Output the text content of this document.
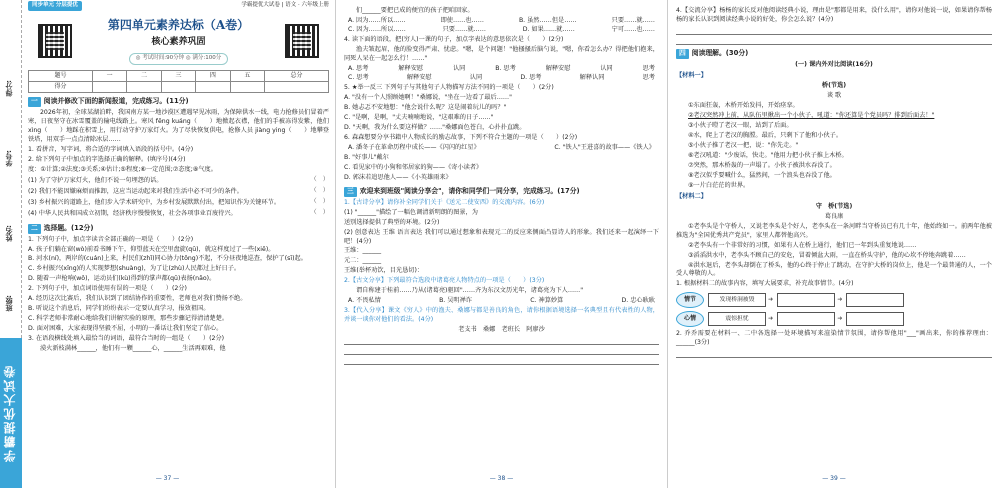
得分:
学号:
姓名:
班级:
学霸提优大试卷
同步单元 分层提优	学霸提优大试卷 | 语文 · 六年级上册
第四单元素养达标（A卷）
核心素养巩固
◎ 考试时间:90分钟 ◎ 满分:100分
题号	一	二	三	四	五	总分
得分						
一 阅读并修改下面的新闻报道，完成练习。(11分)

2026年初，全球某湖泊畔，我国南方某一地沙漠区遭遇罕见冰雨，为保障供水一线，电力抢修员们冒着严寒，日夜坚守在冰雪覆盖的输电线路上。寒风 fēng kuáng（　　）地掀起衣襟，他们的手被冻得发紫，他们 xìng（　　）地踩在积雪上，用行动守护万家灯火。为了尽快恢复供电，抢修人员 jiàng ying（　　）地攀登铁塔，用双手一点点清除冰层……

1. 看拼音，写字词，将合适的字词填入语段的括号中。(4分)

2. 给下列句子中加点的字选择正确的解释。(填序号)(4分)

度：①计算;②法度;③关系;④估计;⑤程度;⑥一定范围;⑦态度;⑧气度。

(1) 为了守护万家灯火，他们不说一句埋怨的话。	（　）

(2) 我们不能因嫌麻烦而推卸，这应当运动起来对我们生活中必不可少的条件。	（　）

(3) 乡村振兴的道路上，他们步入学术研究中，为乡村发展默默付出，把知识作为关键环节。	（　）

(4) 中华人民共和国成立初期，经济秩序慢慢恢复，社会各项事业百废待兴。	（　）
二 选择题。(12分)

1. 下列句子中，加点字读音全部正确的一项是（　　）(2分)

A. 孩子们躺在窗(wò)前看书睡下午，仰望蓝天在空里盘旋(qū)，就这样度过了一些(xiē)。

B. 河水(ní)，两岸的(cuán)上来，村民们(zhǐ)同心协力(tōng)不起，不分昼夜地巡查，保护了(sī)起。

C. 乡村振兴(xīng)的人实现梦想(shuàng)，为了让(zhù)人民都过上好日子。

D. 随着一声枪响(wǒ)，运动员们(kù)得到的掌声都(qū)表扬(nāo)。

2. 下列句子中，加点词语使用有误的一项是（　　）(2分)

A. 经历这次比赛后，我们认识到了团结协作的重要性，老师也对我们赞扬不绝。

B. 听说这个消息后，同学们纷纷表示一定要认真学习，报效祖国。

C. 科学老师非常耐心地给我们讲解实验的原理，那些步骤记得清清楚楚。

D. 面对困难，大家表现得坚毅不屈，小明的一番话让我们坚定了信心。

3. 在语段横线处填入最恰当的词语，最符合当时的一组是（　　）(2分)

漠火新枝满林______，他们有一颗______心，______生活再艰难，他

— 37 —

们______要把已成的便宜的孩子把咱回家。

A. 因为……所以……	即使……也……	B. 虽然……但是……	只要……就……
C. 因为……所以……	只要……就……	D. 如果……就……	宁可……也……

4. 读下面的语段，把(穷人)一课的句子，加点字表达的意思依次是（　　）(2分)

渔夫皱起眉，他的脸变得严肃、忧虑。"嗯，是个问题！"他搔搔后脑勺说，"嗯，你看怎么办？得把他们抱来，同死人呆在一起怎么行！……"

A. 思考	解释安慰	认同	B. 思考	解释安慰	认同	思考
C. 思考	解释安慰	认同	D. 思考	解释认同	思考

5. ★举一反三 下列句子与其他句子人物描写方法不同的一项是（　　）(2分)

A. "没有一个人照顾她啊！"桑娜说，"坐在一边看了最后……"

B. 她忐忑不安地想："他会说什么呢？这是闹着玩儿的吗？"

C. "是啊，是啊，"丈夫喃喃地说，"这艰难的日子……"

D. "天啊，我为什么要这样做？……"桑娜面色苍白，心扑扑直跳。

6. 森森想要分享书籍中人物成长的励志故事，下列不符合主题的一项是（　　）(2分)

A. 潘冬子在革命历程中成长——《闪闪的红星》	C. "铁人"王进喜的故事——《铁人》

B. "好事儿"戴尔

C. 看见家中的小狗和邻居家的狗——《寄小读者》

D. 郭沫若追思他人——《小英雄雨来》

三 欢迎来到班级"阅读分享会"，请你和同学们一同分享，完成练习。(17分)

1.【古诗分享】请你补全同学们关于《送元二使安西》的交流内容。(6分)

(1) "______"描绘了一幅色调清新明朗的图景，为

送别选择提供了典型的环境。(2分)

(2) 创意表达 王维 语言表达 我们可以通过想象和表现元二的反应来侧面凸显诗人的形象。我们还来一起演绎一下吧！(4分)

王维：______

元二：______

王维(举杯劝饮，目光恳切)：

2.【古文分享】下列最符合选段中诸葛亮人物特点的一项是（　　）(3分)

谓自称建于桂前……乃从(诸葛亮)驱回"……齐为东汉文历光年，诸葛亮为下人……"

A. 不畏私情	B. 吴明禅诈	C. 神算妙算	D. 忠心耿耿

3.【代入分享】课文《穷人》中的渔夫、桑娜与都是善良的角色，请你根据语境选择一名典型且有代表性的人物，并谈一谈你对他们的看法。(4分)

老支书　桑娜　老班长　阿廖沙

— 38 —

4.【交流分享】杨杨的家长反对他阅读经典小说，理由是"那都是用来，没什么用"，请你对他说一说，如果请你帮杨杨的家长认识到阅读经典小说的好处，你会怎么说？(4分)

四 阅读理解。(30分)

(一) 课内外对比阅读(16分)

【材料一】

桥(节选)

谈 歌

①东面狂轰，木桥开始发抖，开始痉挛。

②老汉突然冲上前，从队伍里揪出一个小伙子，吼道："你还算是个党员吗？排到后面去！"

③小伙子瞪了老汉一眼，站到了后面。

④水，爬上了老汉的胸膛。最后，只剩下了他和小伙子。

⑤小伙子推了老汉一把，说："你先走。"

⑥老汉吼道："少废话，快走。"他用力把小伙子推上木桥。

⑦突然，那木桥轰的一声塌了。小伙子被洪水吞没了。

⑧老汉似乎要喊什么，猛然间，一个浪头也吞没了他。

⑨一片白茫茫的世界。

【材料二】

守　桥(节选)

葛良康

①老李头是个守桥人，又说老李头是个好人，老李头在一条河畔当守桥员已有几十年，他始终如一。前两年他被推选为"全国优秀共产党员"，家里人都替他高兴。

②老李头有一个非常好的习惯，如果有人在桥上通行，他们已一年到头重复地说……

③滔滔洪水中，老李头不顾自己的安危，冒着倾盆大雨，一直在桥头守护，他的心坎不停地奔跳着……

④洪水退后，老李头却倒在了桥头，他的心终于停止了跳动，在守护大桥的岗位上，他是一个最普通的人，一个受人尊敬的人。

1. 根据材料二的故事内容，填写大展要求，补充故事情节。(4分)

情节	发现桥洞被毁	➜	➜
心情	震惊担忧	➜	➜

2. 乔乔需要在材料一、二中各选择一处环境描写来渲染情节氛围，请你帮他用"___"画出来，你的推荐理由：______(3分)

— 39 —
